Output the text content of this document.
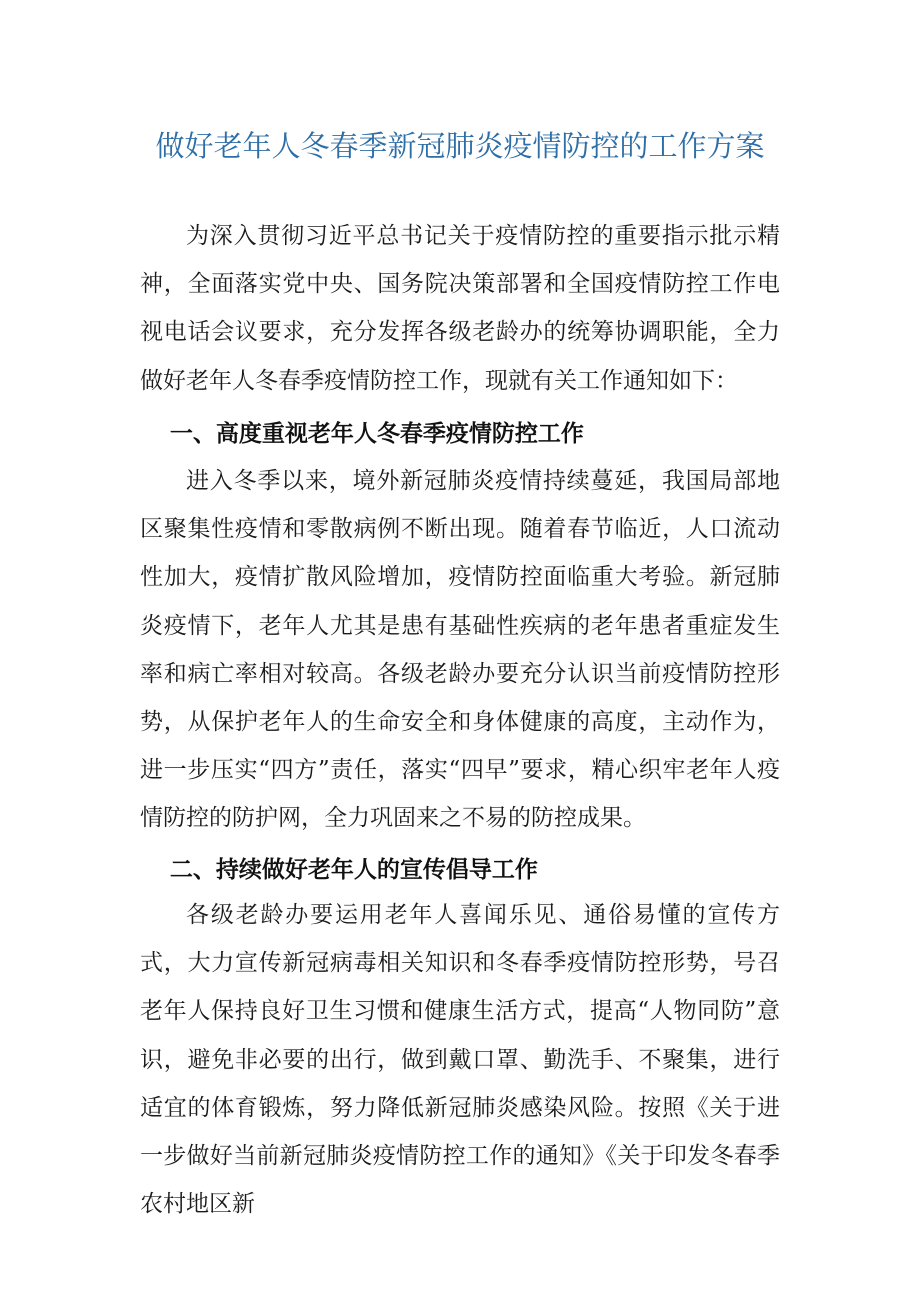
做好老年人冬春季新冠肺炎疫情防控的工作方案

为深入贯彻习近平总书记关于疫情防控的重要指示批示精神，全面落实党中央、国务院决策部署和全国疫情防控工作电视电话会议要求，充分发挥各级老龄办的统筹协调职能，全力做好老年人冬春季疫情防控工作，现就有关工作通知如下：

一、高度重视老年人冬春季疫情防控工作

进入冬季以来，境外新冠肺炎疫情持续蔓延，我国局部地区聚集性疫情和零散病例不断出现。随着春节临近，人口流动性加大，疫情扩散风险增加，疫情防控面临重大考验。新冠肺炎疫情下，老年人尤其是患有基础性疾病的老年患者重症发生率和病亡率相对较高。各级老龄办要充分认识当前疫情防控形势，从保护老年人的生命安全和身体健康的高度，主动作为，进一步压实“四方”责任，落实“四早”要求，精心织牢老年人疫情防控的防护网，全力巩固来之不易的防控成果。

二、持续做好老年人的宣传倡导工作

各级老龄办要运用老年人喜闻乐见、通俗易懂的宣传方式，大力宣传新冠病毒相关知识和冬春季疫情防控形势，号召老年人保持良好卫生习惯和健康生活方式，提高“人物同防”意识，避免非必要的出行，做到戴口罩、勤洗手、不聚集，进行适宜的体育锻炼，努力降低新冠肺炎感染风险。按照《关于进一步做好当前新冠肺炎疫情防控工作的通知》《关于印发冬春季农村地区新
